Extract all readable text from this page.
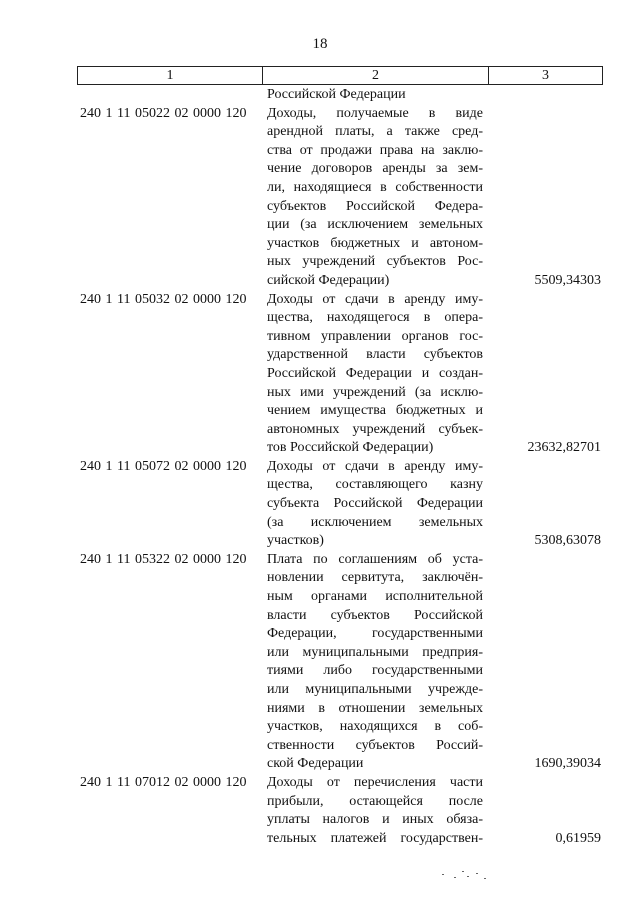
18
1	2	3
Российской Федерации
240 1 11 05022 02 0000 120	Доходы, получаемые в виде
арендной платы, а также сред-
ства от продажи права на заклю-
чение договоров аренды за зем-
ли, находящиеся в собственности
субъектов Российской Федера-
ции (за исключением земельных
участков бюджетных и автоном-
ных учреждений субъектов Рос-
сийской Федерации)	5509,34303
240 1 11 05032 02 0000 120	Доходы от сдачи в аренду иму-
щества, находящегося в опера-
тивном управлении органов гос-
ударственной власти субъектов
Российской Федерации и создан-
ных ими учреждений (за исклю-
чением имущества бюджетных и
автономных учреждений субъек-
тов Российской Федерации)	23632,82701
240 1 11 05072 02 0000 120	Доходы от сдачи в аренду иму-
щества, составляющего казну
субъекта Российской Федерации
(за исключением земельных
участков)	5308,63078
240 1 11 05322 02 0000 120	Плата по соглашениям об уста-
новлении сервитута, заключён-
ным органами исполнительной
власти субъектов Российской
Федерации, государственными
или муниципальными предприя-
тиями либо государственными
или муниципальными учрежде-
ниями в отношении земельных
участков, находящихся в соб-
ственности субъектов Россий-
ской Федерации	1690,39034
240 1 11 07012 02 0000 120	Доходы от перечисления части
прибыли, остающейся после
уплаты налогов и иных обяза-
тельных платежей государствен-	0,61959
